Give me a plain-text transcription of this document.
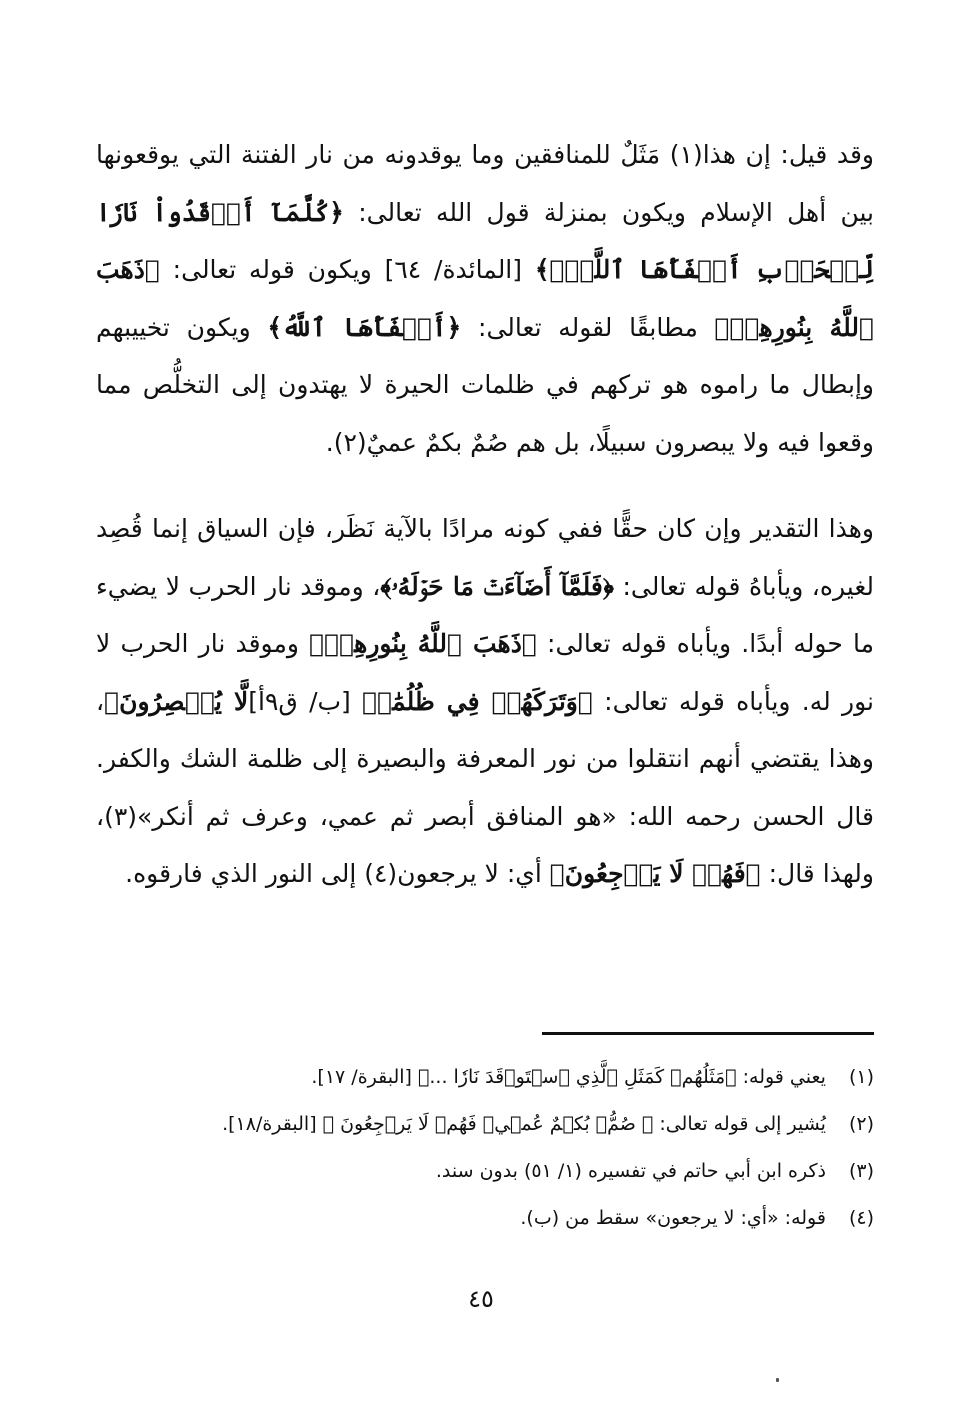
وقد قيل: إن هذا(١) مَثَلٌ للمنافقين وما يوقدونه من نار الفتنة التي يوقعونها بين أهل الإسلام ويكون بمنزلة قول الله تعالى: ﴿كُلَّمَآ أَوۡقَدُواْ نَارٗا لِّلۡحَرۡبِ أَطۡفَأَهَا ٱللَّهُۚ﴾ [المائدة/ ٦٤] ويكون قوله تعالى: ﴿ذَهَبَ ٱللَّهُ بِنُورِهِمۡ﴾ مطابقًا لقوله تعالى: ﴿أَطۡفَأَهَا ٱللَّهُ﴾ ويكون تخييبهم وإبطال ما راموه هو تركهم في ظلمات الحيرة لا يهتدون إلى التخلُّص مما وقعوا فيه ولا يبصرون سبيلًا، بل هم صُمٌ بكمٌ عميٌ(٢).

وهذا التقدير وإن كان حقًّا ففي كونه مرادًا بالآية نَظَر، فإن السياق إنما قُصِد لغيره، ويأباهُ قوله تعالى: ﴿فَلَمَّآ أَضَآءَتۡ مَا حَوۡلَهُۥ﴾، وموقد نار الحرب لا يضيء ما حوله أبدًا. ويأباه قوله تعالى: ﴿ذَهَبَ ٱللَّهُ بِنُورِهِمۡ﴾ وموقد نار الحرب لا نور له. ويأباه قوله تعالى: ﴿وَتَرَكَهُمۡ فِي ظُلُمَٰتٖ [ب/ ق٩أ]لَّا يُبۡصِرُونَ﴾، وهذا يقتضي أنهم انتقلوا من نور المعرفة والبصيرة إلى ظلمة الشك والكفر. قال الحسن رحمه الله: «هو المنافق أبصر ثم عمي، وعرف ثم أنكر»(٣)، ولهذا قال: ﴿فَهُمۡ لَا يَرۡجِعُونَ﴾ أي: لا يرجعون(٤) إلى النور الذي فارقوه.

(١) يعني قوله: ﴿مَثَلُهُمۡ كَمَثَلِ ٱلَّذِي ٱسۡتَوۡقَدَ نَارٗا ...﴾ [البقرة/ ١٧].

(٢) يُشير إلى قوله تعالى: ﴿ صُمُّۢ بُكۡمٌ عُمۡيٞ فَهُمۡ لَا يَرۡجِعُونَ ﴾ [البقرة/١٨].

(٣) ذكره ابن أبي حاتم في تفسيره (١/ ٥١) بدون سند.

(٤) قوله: «أي: لا يرجعون» سقط من (ب).

٤٥
